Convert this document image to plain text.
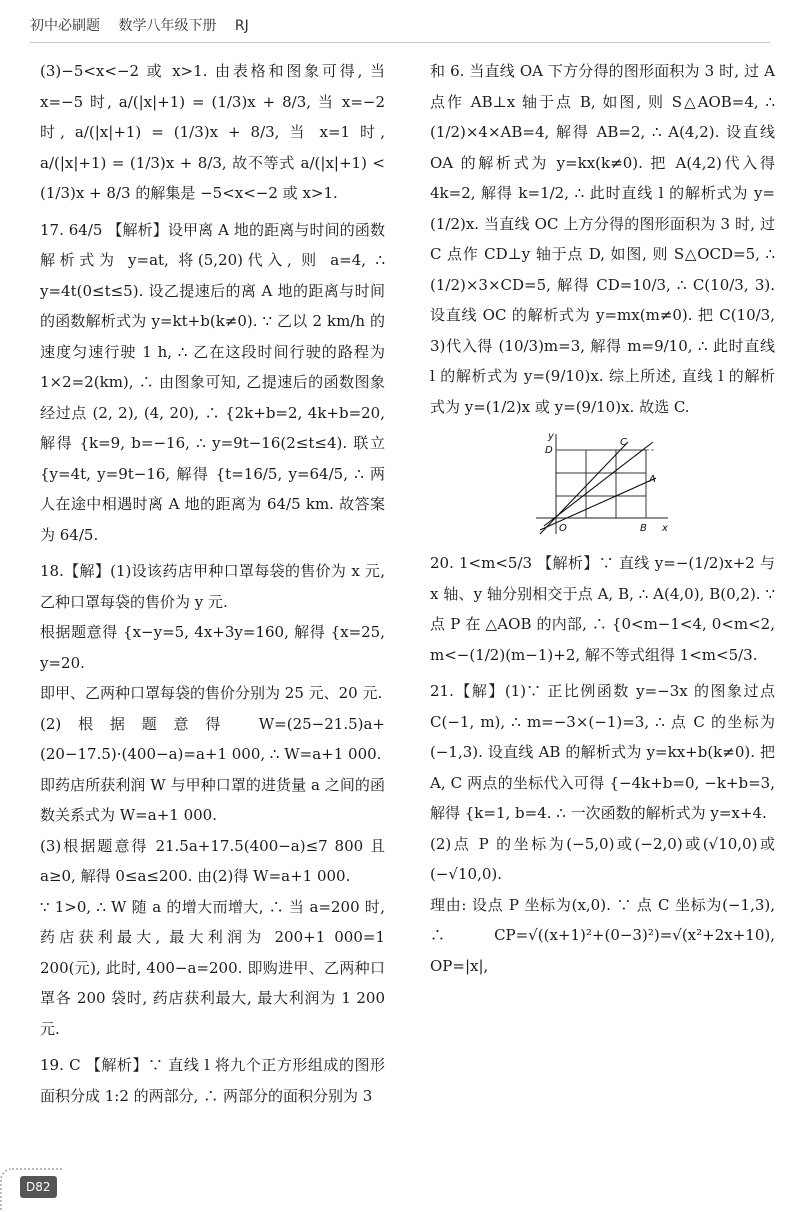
初中必刷题 数学八年级下册 RJ

(3)−5<x<−2 或 x>1. 由表格和图象可得, 当 x=−5 时, a/(|x|+1) = (1/3)x + 8/3, 当 x=−2 时, a/(|x|+1) = (1/3)x + 8/3, 当 x=1 时, a/(|x|+1) = (1/3)x + 8/3, 故不等式 a/(|x|+1) < (1/3)x + 8/3 的解集是 −5<x<−2 或 x>1.

17. 64/5 【解析】设甲离 A 地的距离与时间的函数解析式为 y=at, 将(5,20)代入, 则 a=4, ∴ y=4t(0≤t≤5). 设乙提速后的离 A 地的距离与时间的函数解析式为 y=kt+b(k≠0). ∵ 乙以 2 km/h 的速度匀速行驶 1 h, ∴ 乙在这段时间行驶的路程为 1×2=2(km), ∴ 由图象可知, 乙提速后的函数图象经过点 (2, 2), (4, 20), ∴ {2k+b=2, 4k+b=20, 解得 {k=9, b=−16, ∴ y=9t−16(2≤t≤4). 联立 {y=4t, y=9t−16, 解得 {t=16/5, y=64/5, ∴ 两人在途中相遇时离 A 地的距离为 64/5 km. 故答案为 64/5.

18.【解】(1)设该药店甲种口罩每袋的售价为 x 元, 乙种口罩每袋的售价为 y 元.

根据题意得 {x−y=5, 4x+3y=160, 解得 {x=25, y=20.

即甲、乙两种口罩每袋的售价分别为 25 元、20 元.

(2)根据题意得 W=(25−21.5)a+(20−17.5)·(400−a)=a+1 000, ∴ W=a+1 000.

即药店所获利润 W 与甲种口罩的进货量 a 之间的函数关系式为 W=a+1 000.

(3)根据题意得 21.5a+17.5(400−a)≤7 800 且 a≥0, 解得 0≤a≤200. 由(2)得 W=a+1 000.

∵ 1>0, ∴ W 随 a 的增大而增大, ∴ 当 a=200 时, 药店获利最大, 最大利润为 200+1 000=1 200(元), 此时, 400−a=200. 即购进甲、乙两种口罩各 200 袋时, 药店获利最大, 最大利润为 1 200 元.

19. C 【解析】∵ 直线 l 将九个正方形组成的图形面积分成 1:2 的两部分, ∴ 两部分的面积分别为 3

和 6. 当直线 OA 下方分得的图形面积为 3 时, 过 A 点作 AB⊥x 轴于点 B, 如图, 则 S△AOB=4, ∴ (1/2)×4×AB=4, 解得 AB=2, ∴ A(4,2). 设直线 OA 的解析式为 y=kx(k≠0). 把 A(4,2)代入得 4k=2, 解得 k=1/2, ∴ 此时直线 l 的解析式为 y=(1/2)x. 当直线 OC 上方分得的图形面积为 3 时, 过 C 点作 CD⊥y 轴于点 D, 如图, 则 S△OCD=5, ∴ (1/2)×3×CD=5, 解得 CD=10/3, ∴ C(10/3, 3). 设直线 OC 的解析式为 y=mx(m≠0). 把 C(10/3, 3)代入得 (10/3)m=3, 解得 m=9/10, ∴ 此时直线 l 的解析式为 y=(9/10)x. 综上所述, 直线 l 的解析式为 y=(1/2)x 或 y=(9/10)x. 故选 C.

y
D
C
A
O	B x

20. 1<m<5/3 【解析】∵ 直线 y=−(1/2)x+2 与 x 轴、y 轴分别相交于点 A, B, ∴ A(4,0), B(0,2). ∵ 点 P 在 △AOB 的内部, ∴ {0<m−1<4, 0<m<2, m<−(1/2)(m−1)+2, 解不等式组得 1<m<5/3.

21.【解】(1)∵ 正比例函数 y=−3x 的图象过点 C(−1, m), ∴ m=−3×(−1)=3, ∴ 点 C 的坐标为(−1,3). 设直线 AB 的解析式为 y=kx+b(k≠0). 把 A, C 两点的坐标代入可得 {−4k+b=0, −k+b=3, 解得 {k=1, b=4. ∴ 一次函数的解析式为 y=x+4.

(2)点 P 的坐标为(−5,0)或(−2,0)或(√10,0)或(−√10,0).

理由: 设点 P 坐标为(x,0). ∵ 点 C 坐标为(−1,3), ∴ CP=√((x+1)²+(0−3)²)=√(x²+2x+10), OP=|x|,

D82
